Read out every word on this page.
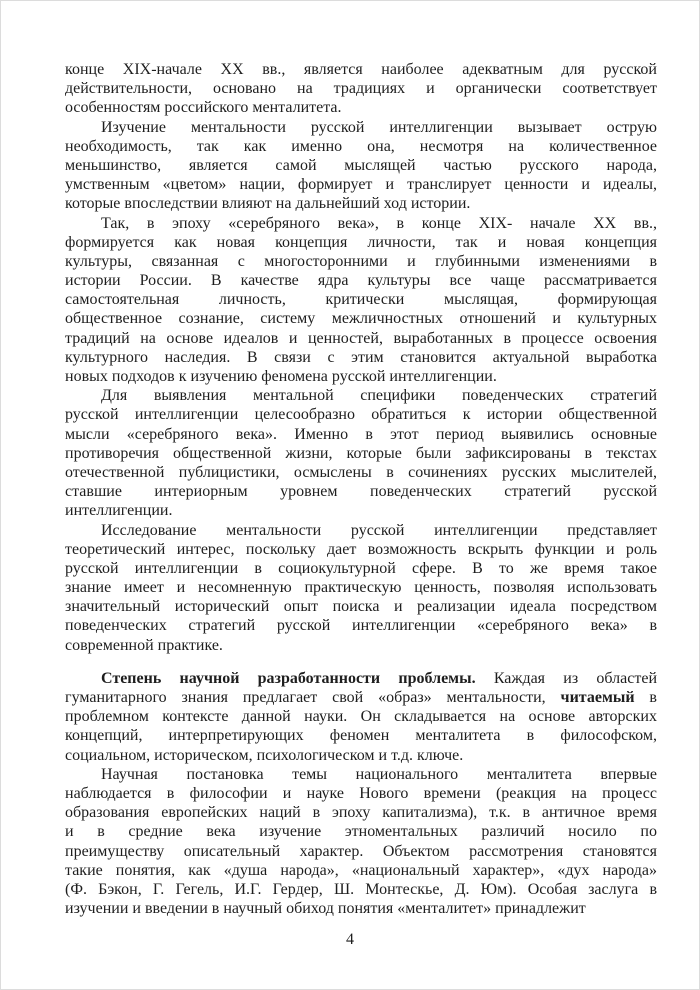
конце XIX-начале XX вв., является наиболее адекватным для русской
действительности, основано на традициях и органически соответствует
особенностям российского менталитета.
Изучение ментальности русской интеллигенции вызывает острую
необходимость, так как именно она, несмотря на количественное
меньшинство, является самой мыслящей частью русского народа,
умственным «цветом» нации, формирует и транслирует ценности и идеалы,
которые впоследствии влияют на дальнейший ход истории.
Так, в эпоху «серебряного века», в конце XIX- начале XX вв.,
формируется как новая концепция личности, так и новая концепция
культуры, связанная с многосторонними и глубинными изменениями в
истории России. В качестве ядра культуры все чаще рассматривается
самостоятельная личность, критически мыслящая, формирующая
общественное сознание, систему межличностных отношений и культурных
традиций на основе идеалов и ценностей, выработанных в процессе освоения
культурного наследия. В связи с этим становится актуальной выработка
новых подходов к изучению феномена русской интеллигенции.
Для выявления ментальной специфики поведенческих стратегий
русской интеллигенции целесообразно обратиться к истории общественной
мысли «серебряного века». Именно в этот период выявились основные
противоречия общественной жизни, которые были зафиксированы в текстах
отечественной публицистики, осмыслены в сочинениях русских мыслителей,
ставшие интериорным уровнем поведенческих стратегий русской
интеллигенции.
Исследование ментальности русской интеллигенции представляет
теоретический интерес, поскольку дает возможность вскрыть функции и роль
русской интеллигенции в социокультурной сфере. В то же время такое
знание имеет и несомненную практическую ценность, позволяя использовать
значительный исторический опыт поиска и реализации идеала посредством
поведенческих стратегий русской интеллигенции «серебряного века» в
современной практике.
Степень научной разработанности проблемы. Каждая из областей
гуманитарного знания предлагает свой «образ» ментальности, читаемый в
проблемном контексте данной науки. Он складывается на основе авторских
концепций, интерпретирующих феномен менталитета в философском,
социальном, историческом, психологическом и т.д. ключе.
Научная постановка темы национального менталитета впервые
наблюдается в философии и науке Нового времени (реакция на процесс
образования европейских наций в эпоху капитализма), т.к. в античное время
и в средние века изучение этноментальных различий носило по
преимуществу описательный характер. Объектом рассмотрения становятся
такие понятия, как «душа народа», «национальный характер», «дух народа»
(Ф. Бэкон, Г. Гегель, И.Г. Гердер, Ш. Монтескье, Д. Юм). Особая заслуга в
изучении и введении в научный обиход понятия «менталитет» принадлежит
4
